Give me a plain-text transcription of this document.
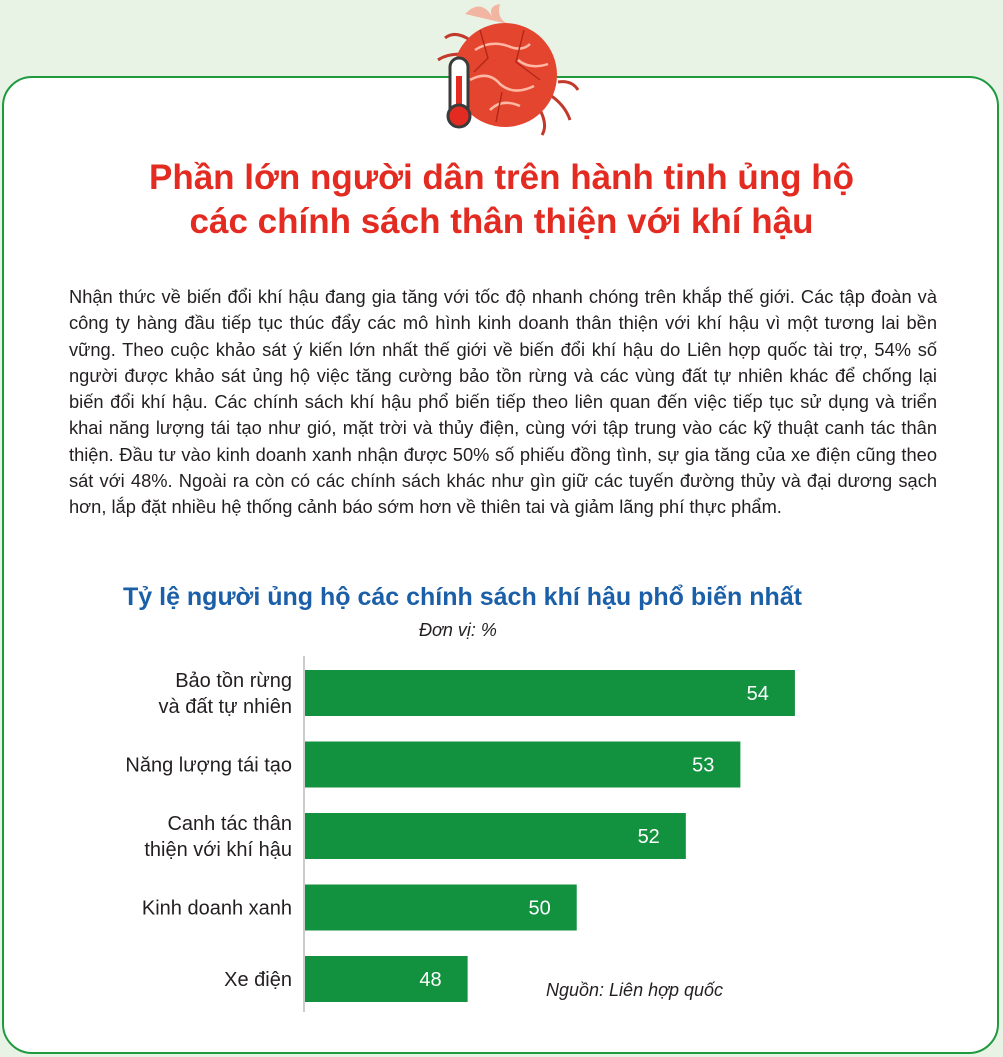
Phần lớn người dân trên hành tinh ủng hộ
các chính sách thân thiện với khí hậu

Nhận thức về biến đổi khí hậu đang gia tăng với tốc độ nhanh chóng trên khắp thế giới. Các tập đoàn và công ty hàng đầu tiếp tục thúc đẩy các mô hình kinh doanh thân thiện với khí hậu vì một tương lai bền vững. Theo cuộc khảo sát ý kiến lớn nhất thế giới về biến đổi khí hậu do Liên hợp quốc tài trợ, 54% số người được khảo sát ủng hộ việc tăng cường bảo tồn rừng và các vùng đất tự nhiên khác để chống lại biến đổi khí hậu. Các chính sách khí hậu phổ biến tiếp theo liên quan đến việc tiếp tục sử dụng và triển khai năng lượng tái tạo như gió, mặt trời và thủy điện, cùng với tập trung vào các kỹ thuật canh tác thân thiện. Đầu tư vào kinh doanh xanh nhận được 50% số phiếu đồng tình, sự gia tăng của xe điện cũng theo sát với 48%. Ngoài ra còn có các chính sách khác như gìn giữ các tuyến đường thủy và đại dương sạch hơn, lắp đặt nhiều hệ thống cảnh báo sớm hơn về thiên tai và giảm lãng phí thực phẩm.

Tỷ lệ người ủng hộ các chính sách khí hậu phổ biến nhất
Đơn vị: %
54
Bảo tồn rừng
và đất tự nhiên
53
Năng lượng tái tạo
52
Canh tác thân
thiện với khí hậu
50
Kinh doanh xanh
48
Xe điện	Nguồn: Liên hợp quốc
